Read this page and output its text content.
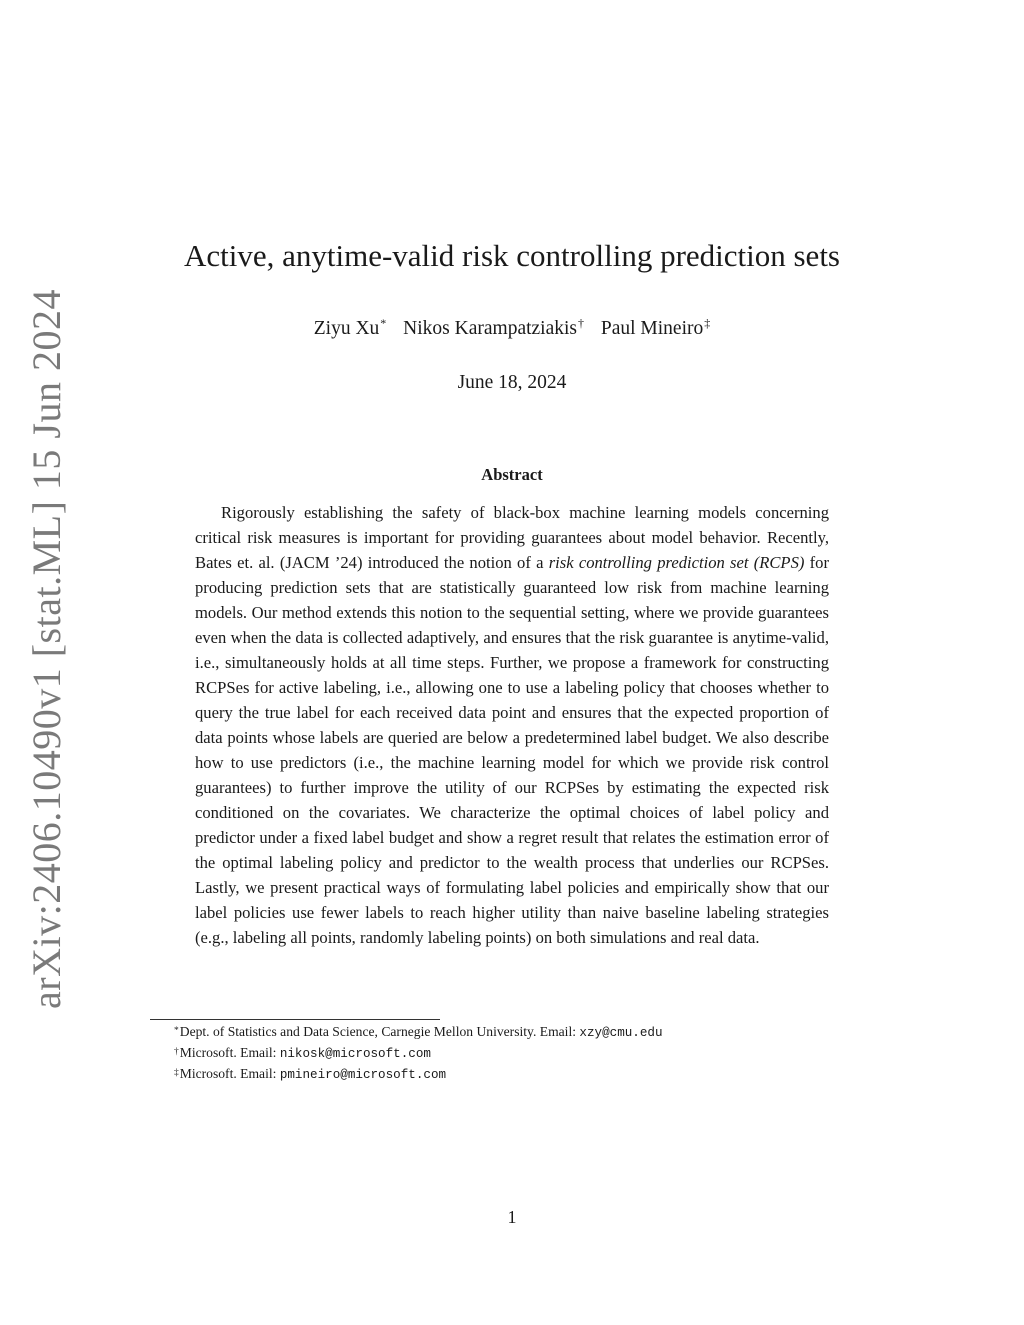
arXiv:2406.10490v1 [stat.ML] 15 Jun 2024
Active, anytime-valid risk controlling prediction sets
Ziyu Xu* Nikos Karampatziakis† Paul Mineiro‡
June 18, 2024
Abstract

Rigorously establishing the safety of black-box machine learning models concerning critical risk measures is important for providing guarantees about model behavior. Recently, Bates et. al. (JACM ’24) introduced the notion of a risk controlling prediction set (RCPS) for producing prediction sets that are statistically guaranteed low risk from machine learning models. Our method extends this notion to the sequential setting, where we provide guarantees even when the data is collected adaptively, and ensures that the risk guarantee is anytime-valid, i.e., simultaneously holds at all time steps. Further, we propose a framework for constructing RCPSes for active labeling, i.e., allowing one to use a labeling policy that chooses whether to query the true label for each received data point and ensures that the expected proportion of data points whose labels are queried are below a predetermined label budget. We also describe how to use predictors (i.e., the machine learning model for which we provide risk control guarantees) to further improve the utility of our RCPSes by estimating the expected risk conditioned on the covariates. We characterize the optimal choices of label policy and predictor under a fixed label budget and show a regret result that relates the estimation error of the optimal labeling policy and predictor to the wealth process that underlies our RCPSes. Lastly, we present practical ways of formulating label policies and empirically show that our label policies use fewer labels to reach higher utility than naive baseline labeling strategies (e.g., labeling all points, randomly labeling points) on both simulations and real data.

*Dept. of Statistics and Data Science, Carnegie Mellon University. Email: xzy@cmu.edu
†Microsoft. Email: nikosk@microsoft.com
‡Microsoft. Email: pmineiro@microsoft.com
1
